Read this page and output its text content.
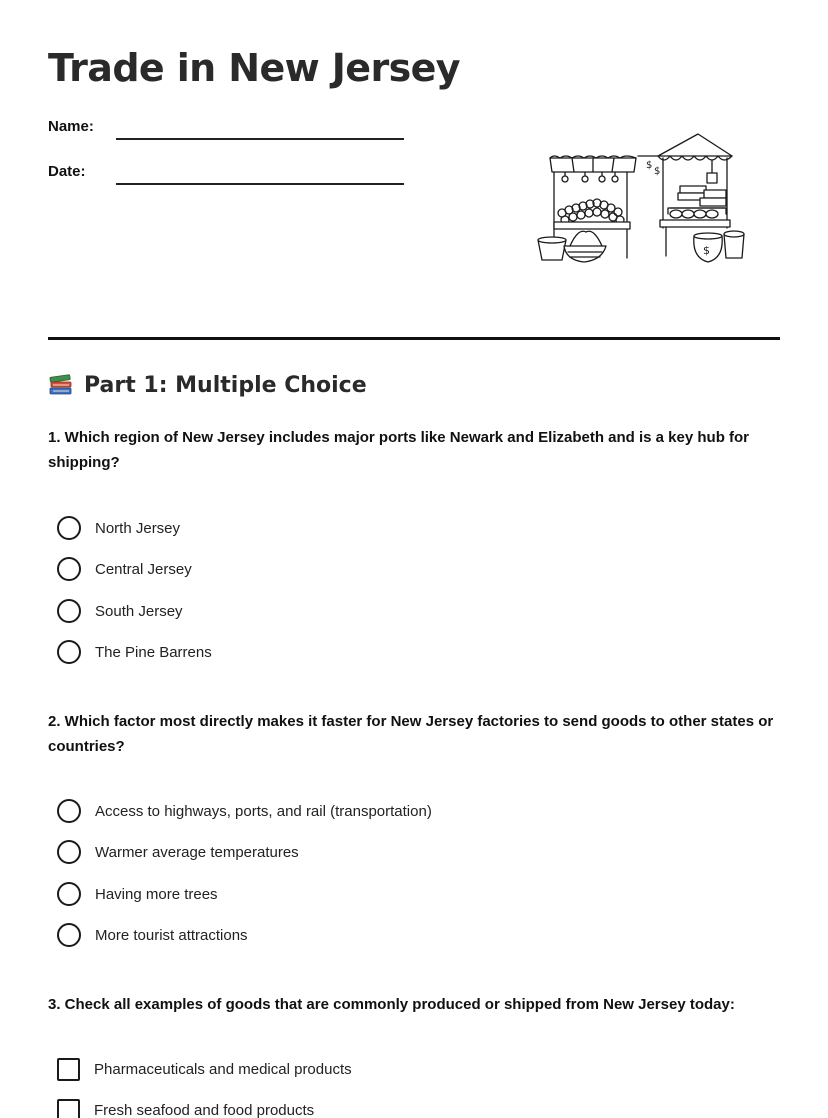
Trade in New Jersey
Name:
Date:	$
$
$
Part 1: Multiple Choice
1. Which region of New Jersey includes major ports like Newark and Elizabeth and is a key hub for shipping?
North Jersey
Central Jersey
South Jersey
The Pine Barrens
2. Which factor most directly makes it faster for New Jersey factories to send goods to other states or countries?
Access to highways, ports, and rail (transportation)
Warmer average temperatures
Having more trees
More tourist attractions
3. Check all examples of goods that are commonly produced or shipped from New Jersey today:
Pharmaceuticals and medical products
Fresh seafood and food products
